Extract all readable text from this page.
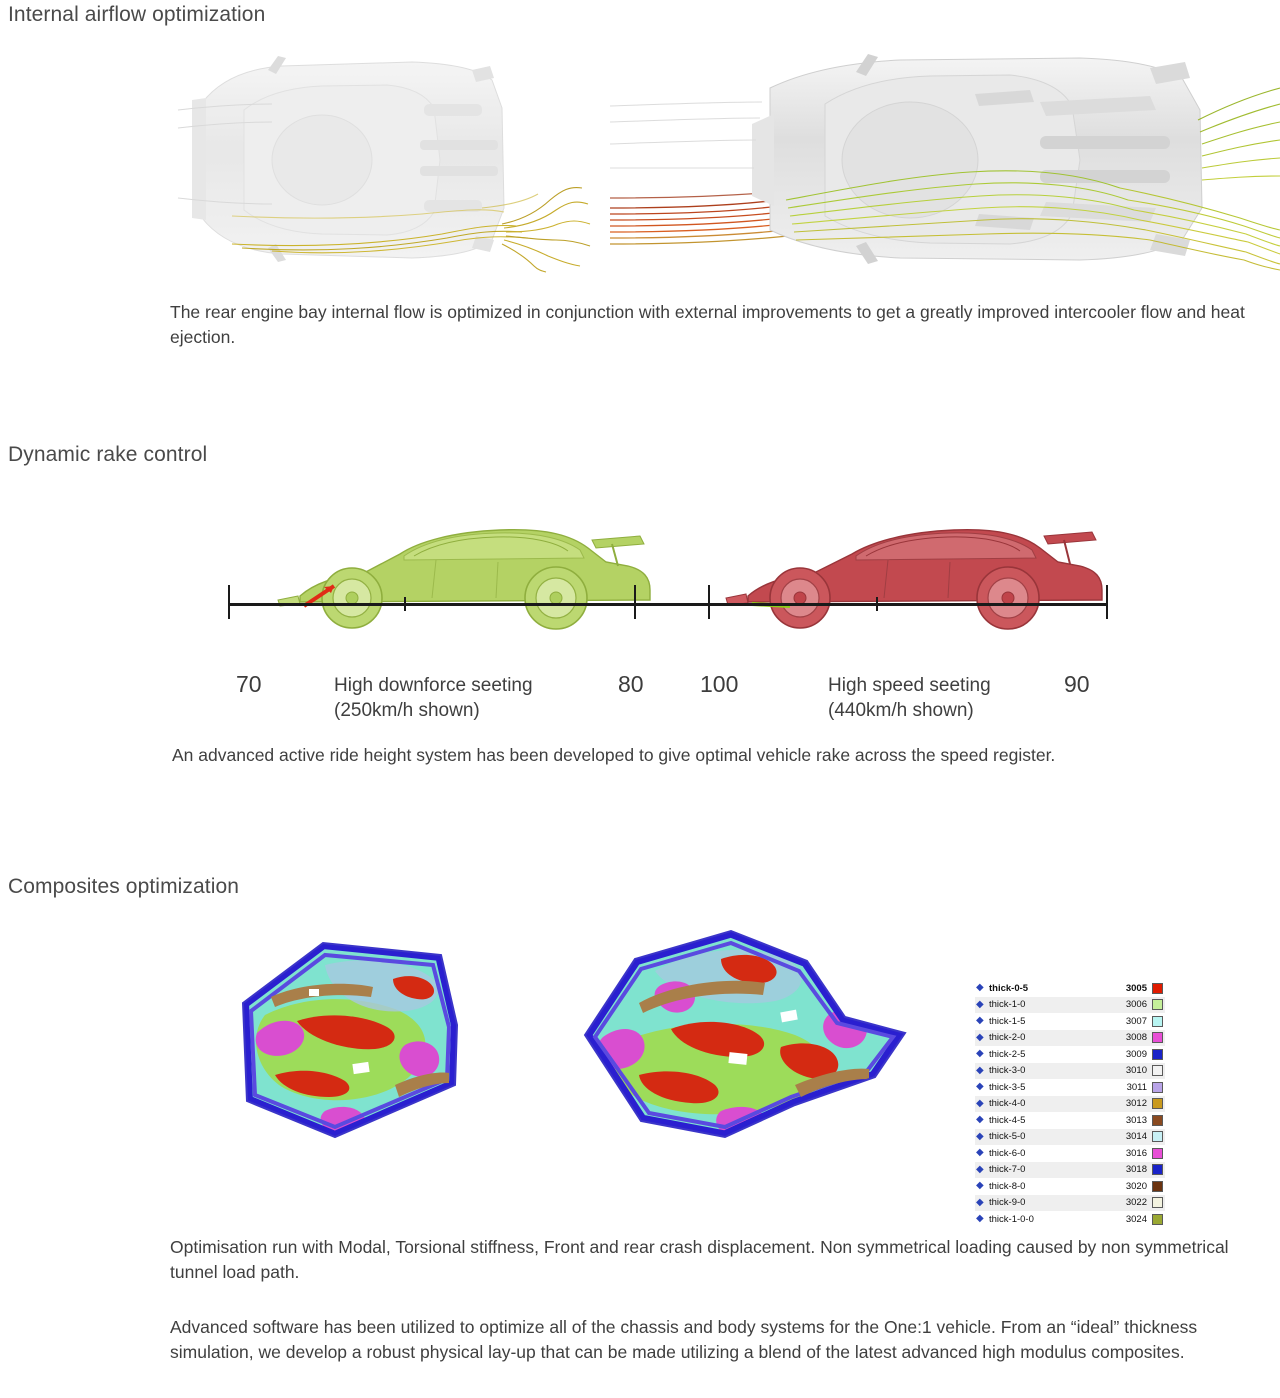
Internal airflow optimization
The rear engine bay internal flow is optimized in conjunction with external improvements to get a greatly improved intercooler flow and heat ejection.
Dynamic rake control
70	80 100	90
High downforce seeting
(250km/h shown)
High speed seeting
(440km/h shown)
An advanced active ride height system has been developed to give optimal vehicle rake across the speed register.
Composites optimization
◆ thick-0-5	3005
◆ thick-1-0	3006
◆ thick-1-5	3007
◆ thick-2-0	3008
◆ thick-2-5	3009
◆ thick-3-0	3010
◆ thick-3-5	3011
◆ thick-4-0	3012
◆ thick-4-5	3013
◆ thick-5-0	3014
◆ thick-6-0	3016
◆ thick-7-0	3018
◆ thick-8-0	3020
◆ thick-9-0	3022
◆ thick-1-0-0	3024
Optimisation run with Modal, Torsional stiffness, Front and rear crash displacement. Non symmetrical loading caused by non symmetrical tunnel load path.
Advanced software has been utilized to optimize all of the chassis and body systems for the One:1 vehicle. From an “ideal” thickness simulation, we develop a robust physical lay-up that can be made utilizing a blend of the latest advanced high modulus composites.
